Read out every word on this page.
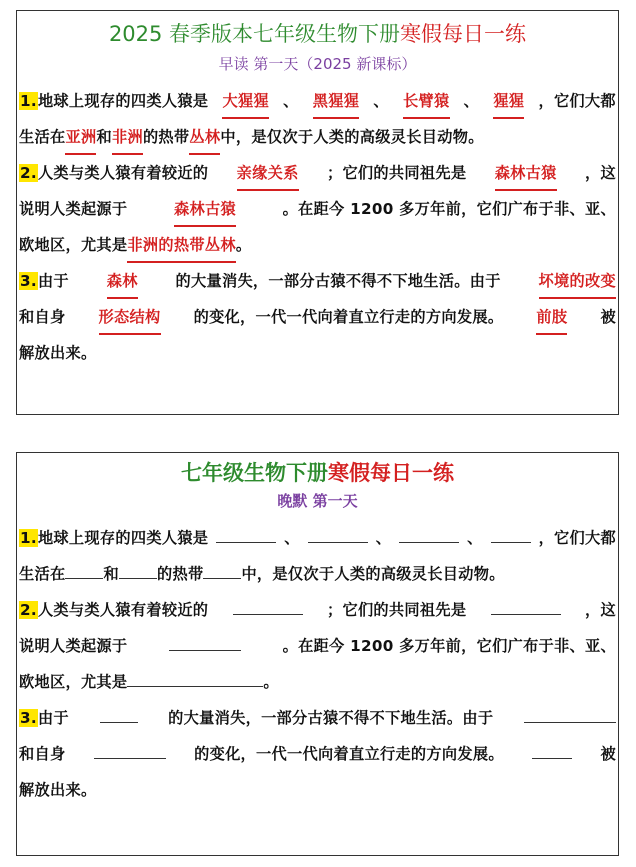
2025 春季版本七年级生物下册寒假每日一练
早读 第一天（2025 新课标）
1.地球上现存的四类人猿是 大猩猩 、 黑猩猩 、 长臂猿 、 猩猩 ，它们大都
生活在 亚洲 和 非洲 的热带 丛林 中，是仅次于人类的高级灵长目动物。
2.人类与类人猿有着较近的 亲缘关系 ；它们的共同祖先是 森林古猿 ，这
说明人类起源于	森林古猿	。在距今 1200 多万年前，它们广布于非、亚、
欧地区，尤其是 非洲的热带丛林 。
3.由于 森林 的大量消失，一部分古猿不得不下地生活。由于 坏境的改变
和自身 形态结构 的变化，一代一代向着直立行走的方向发展。 前肢 被
解放出来。
七年级生物下册寒假每日一练
晚默 第一天
1.地球上现存的四类人猿是	、	、	、	，它们大都
生活在	和	的热带	中，是仅次于人类的高级灵长目动物。
2.人类与类人猿有着较近的	；它们的共同祖先是	，这
说明人类起源于	。在距今 1200 多万年前，它们广布于非、亚、
欧地区，尤其是	。
3.由于	的大量消失，一部分古猿不得不下地生活。由于
和自身	的变化，一代一代向着直立行走的方向发展。	被
解放出来。
